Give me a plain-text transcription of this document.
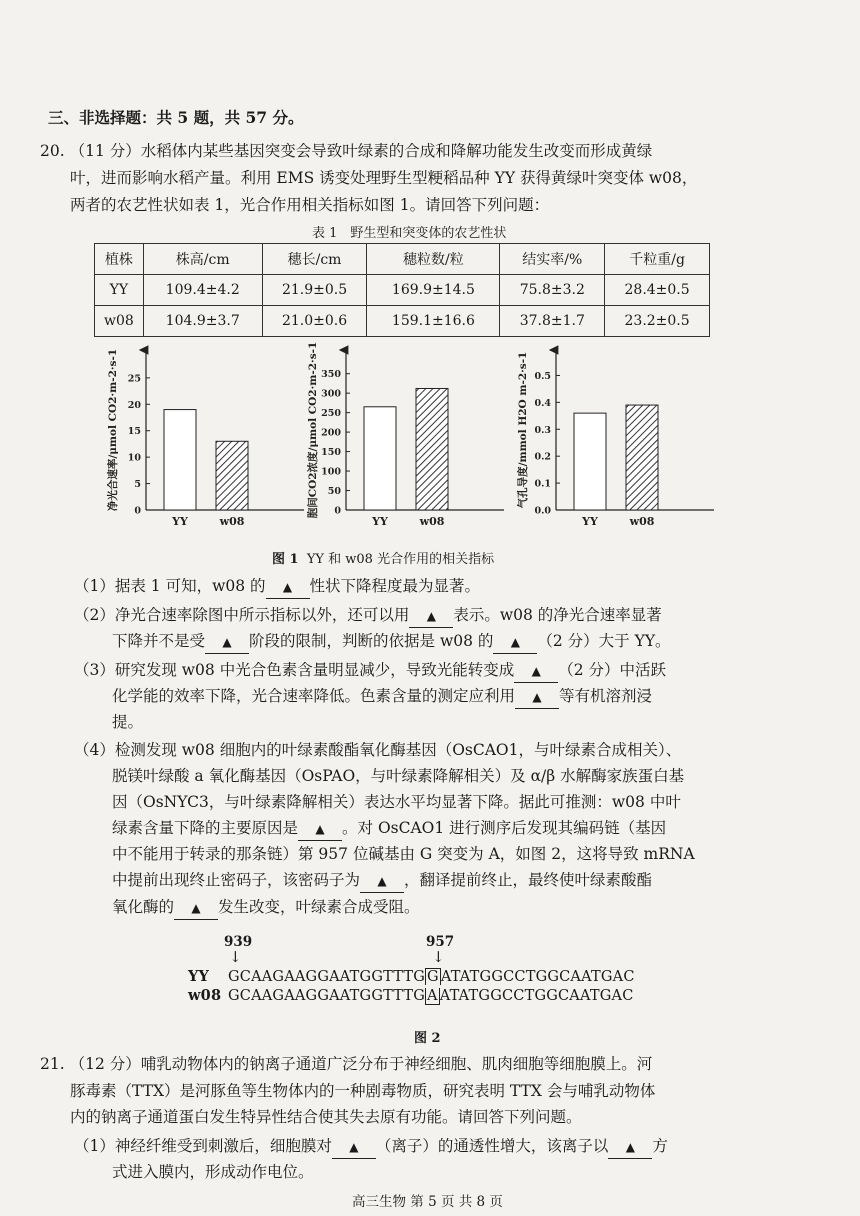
三、非选择题：共 5 题，共 57 分。
20. （11 分）水稻体内某些基因突变会导致叶绿素的合成和降解功能发生改变而形成黄绿
叶，进而影响水稻产量。利用 EMS 诱变处理野生型粳稻品种 YY 获得黄绿叶突变体 w08，
两者的农艺性状如表 1，光合作用相关指标如图 1。请回答下列问题：
表 1　野生型和突变体的农艺性状
植株	株高/cm	穗长/cm	穗粒数/粒	结实率/%	千粒重/g
YY	109.4±4.2	21.9±0.5	169.9±14.5	75.8±3.2	28.4±0.5
w08	104.9±3.7	21.0±0.6	159.1±16.6	37.8±1.7	23.2±0.5
0
5
10
15
20
25
净光合速率/μmol CO2·m-2·s-1
YY	w08
0
50
100
150
200
250
300
350
胞间CO2浓度/μmol CO2·m-2·s-1
YY	w08
0.0
0.1
0.2
0.3
0.4
0.5
气孔导度/mmol H2O m-2·s-1
YY	w08
图 1 YY 和 w08 光合作用的相关指标
（1）据表 1 可知，w08 的 ▲ 性状下降程度最为显著。
（2）净光合速率除图中所示指标以外，还可以用 ▲ 表示。w08 的净光合速率显著
下降并不是受 ▲ 阶段的限制，判断的依据是 w08 的 ▲ （2 分）大于 YY。
（3）研究发现 w08 中光合色素含量明显减少，导致光能转变成 ▲ （2 分）中活跃
化学能的效率下降，光合速率降低。色素含量的测定应利用 ▲ 等有机溶剂浸
提。
（4）检测发现 w08 细胞内的叶绿素酸酯氧化酶基因（OsCAO1，与叶绿素合成相关）、
脱镁叶绿酸 a 氧化酶基因（OsPAO，与叶绿素降解相关）及 α/β 水解酶家族蛋白基
因（OsNYC3，与叶绿素降解相关）表达水平均显著下降。据此可推测：w08 中叶
绿素含量下降的主要原因是 ▲ 。对 OsCAO1 进行测序后发现其编码链（基因
中不能用于转录的那条链）第 957 位碱基由 G 突变为 A，如图 2，这将导致 mRNA
中提前出现终止密码子，该密码子为 ▲ ，翻译提前终止，最终使叶绿素酸酯
氧化酶的 ▲ 发生改变，叶绿素合成受阻。
939
↓
957
↓
YY GCAAGAAGGAATGGTTTG G ATATGGCCTGGCAATGAC
w08 GCAAGAAGGAATGGTTTG A ATATGGCCTGGCAATGAC
图 2
21. （12 分）哺乳动物体内的钠离子通道广泛分布于神经细胞、肌肉细胞等细胞膜上。河
豚毒素（TTX）是河豚鱼等生物体内的一种剧毒物质，研究表明 TTX 会与哺乳动物体
内的钠离子通道蛋白发生特异性结合使其失去原有功能。请回答下列问题。
（1）神经纤维受到刺激后，细胞膜对 ▲ （离子）的通透性增大，该离子以 ▲ 方
式进入膜内，形成动作电位。
高三生物 第 5 页 共 8 页
